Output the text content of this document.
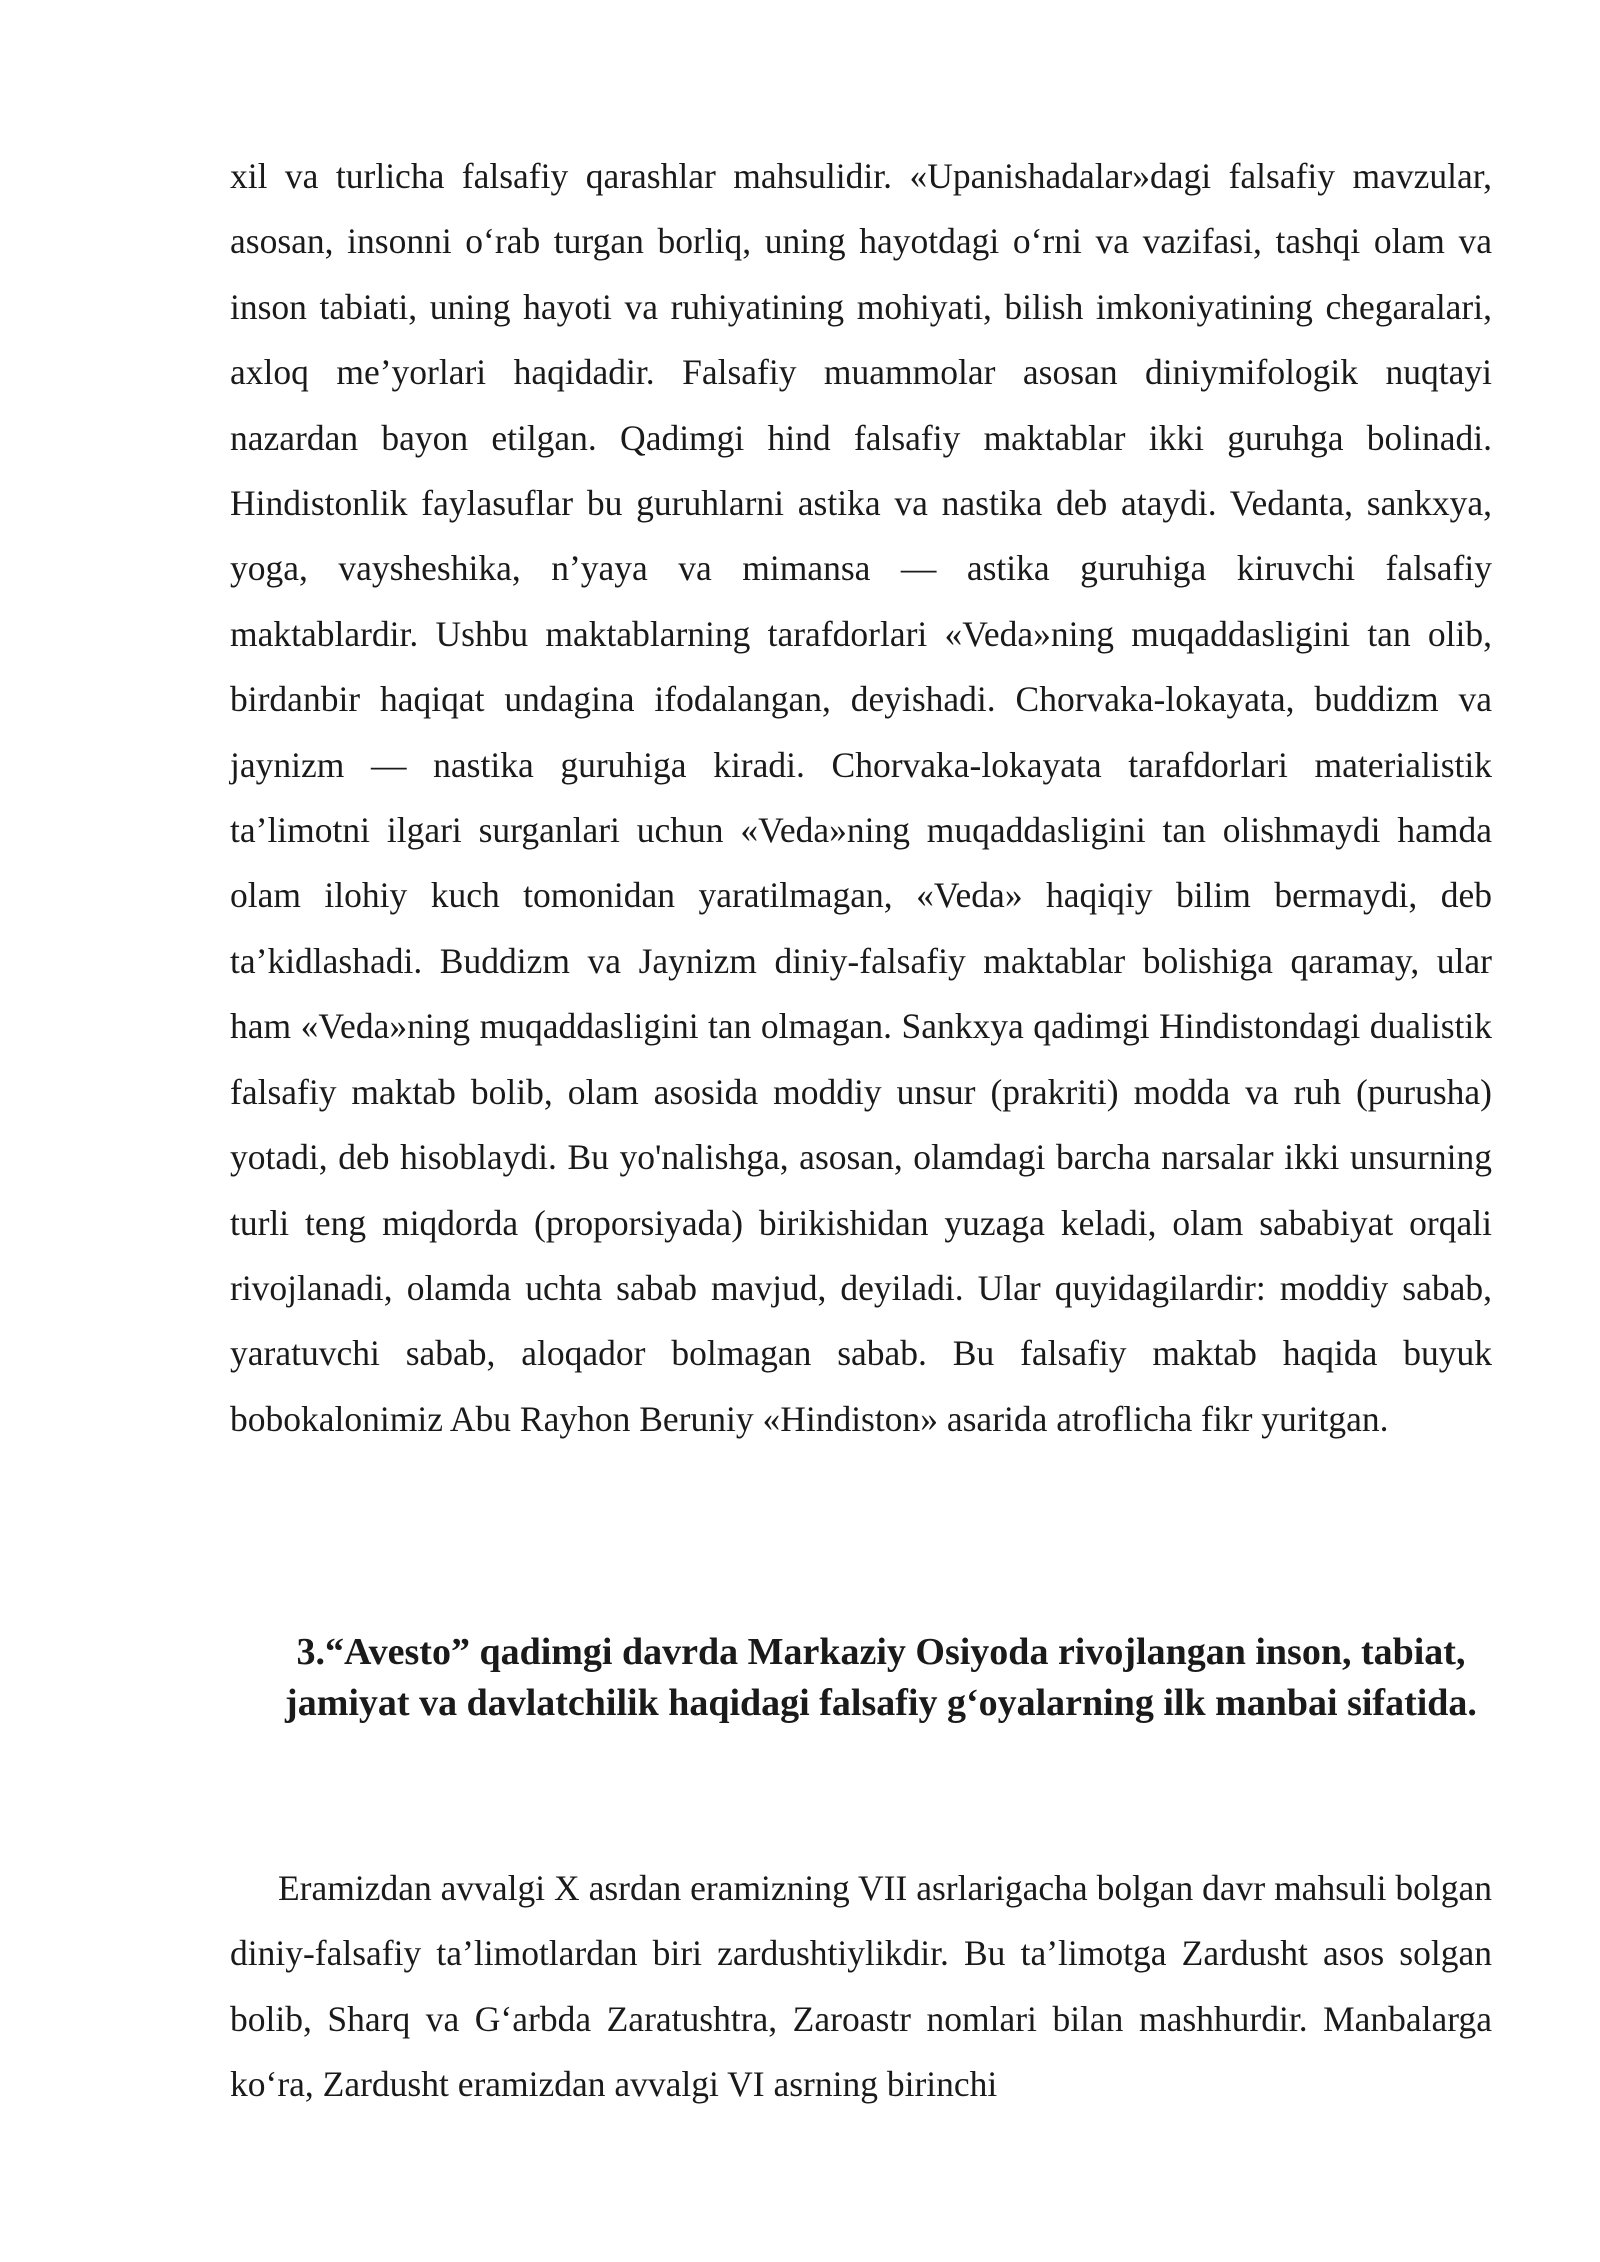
xil va turlicha falsafiy qarashlar mahsulidir. «Upanishadalar»dagi falsafiy mavzular, asosan, insonni o‘rab turgan borliq, uning hayotdagi o‘rni va vazifasi, tashqi olam va inson tabiati, uning hayoti va ruhiyatining mohiyati, bilish imkoniyatining chegaralari, axloq me’yorlari haqidadir. Falsafiy muammolar asosan diniymifologik nuqtayi nazardan bayon etilgan. Qadimgi hind falsafiy maktablar ikki guruhga bolinadi. Hindistonlik faylasuflar bu guruhlarni astika va nastika deb ataydi. Vedanta, sankxya, yoga, vaysheshika, n’yaya va mimansa — astika guruhiga kiruvchi falsafiy maktablardir. Ushbu maktablarning tarafdorlari «Veda»ning muqaddasligini tan olib, birdanbir haqiqat undagina ifodalangan, deyishadi. Chorvaka-lokayata, buddizm va jaynizm — nastika guruhiga kiradi. Chorvaka-lokayata tarafdorlari materialistik ta’limotni ilgari surganlari uchun «Veda»ning muqaddasligini tan olishmaydi hamda olam ilohiy kuch tomonidan yaratilmagan, «Veda» haqiqiy bilim bermaydi, deb ta’kidlashadi. Buddizm va Jaynizm diniy-falsafiy maktablar bolishiga qaramay, ular ham «Veda»ning muqaddasligini tan olmagan. Sankxya qadimgi Hindistondagi dualistik falsafiy maktab bolib, olam asosida moddiy unsur (prakriti) modda va ruh (purusha) yotadi, deb hisoblaydi. Bu yo'nalishga, asosan, olamdagi barcha narsalar ikki unsurning turli teng miqdorda (proporsiyada) birikishidan yuzaga keladi, olam sababiyat orqali rivojlanadi, olamda uchta sabab mavjud, deyiladi. Ular quyidagilardir: moddiy sabab, yaratuvchi sabab, aloqador bolmagan sabab. Bu falsafiy maktab haqida buyuk bobokalonimiz Abu Rayhon Beruniy «Hindiston» asarida atroflicha fikr yuritgan.

3.“Avesto” qadimgi davrda Markaziy Osiyoda rivojlangan inson, tabiat, jamiyat va davlatchilik haqidagi falsafiy g‘oyalarning ilk manbai sifatida.

Eramizdan avvalgi X asrdan eramizning VII asrlarigacha bolgan davr mahsuli bolgan diniy-falsafiy ta’limotlardan biri zardushtiylikdir. Bu ta’limotga Zardusht asos solgan bolib, Sharq va G‘arbda Zaratushtra, Zaroastr nomlari bilan mashhurdir. Manbalarga ko‘ra, Zardusht eramizdan avvalgi VI asrning birinchi
